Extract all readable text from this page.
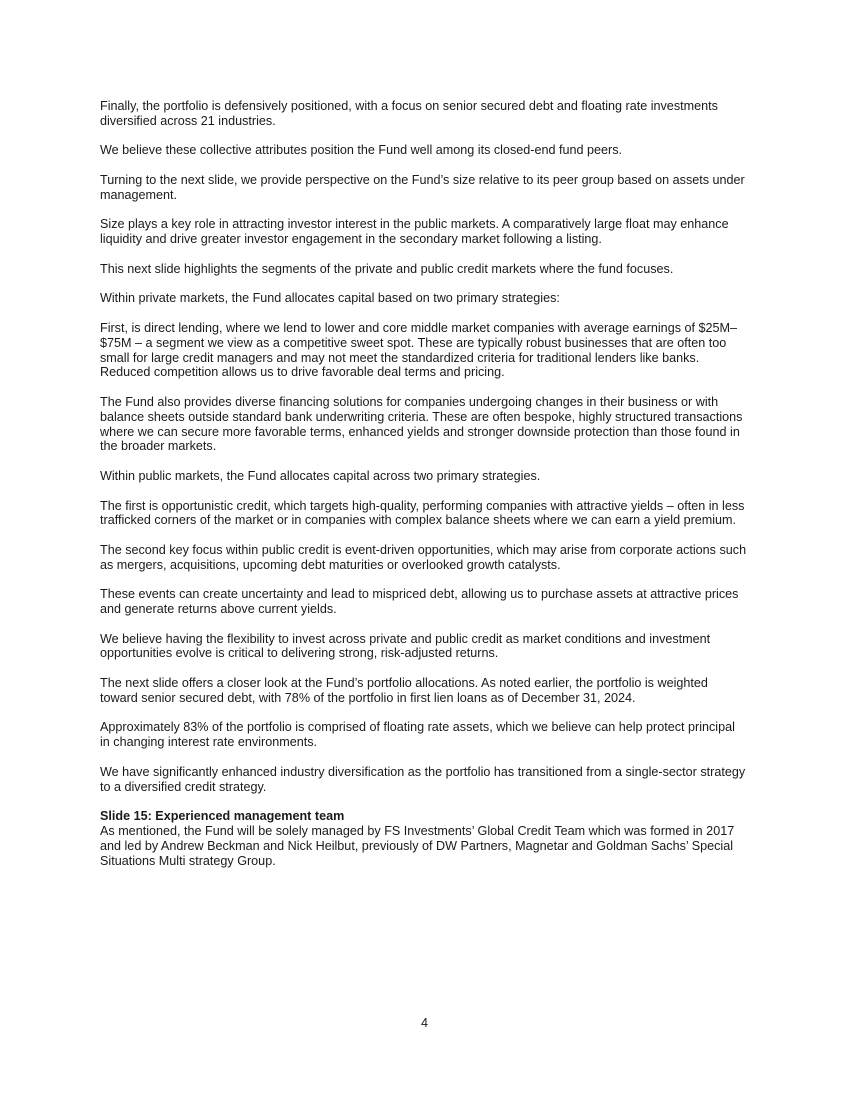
Finally, the portfolio is defensively positioned, with a focus on senior secured debt and floating rate investments diversified across 21 industries.

We believe these collective attributes position the Fund well among its closed-end fund peers.

Turning to the next slide, we provide perspective on the Fund’s size relative to its peer group based on assets under management.

Size plays a key role in attracting investor interest in the public markets. A comparatively large float may enhance liquidity and drive greater investor engagement in the secondary market following a listing.

This next slide highlights the segments of the private and public credit markets where the fund focuses.

Within private markets, the Fund allocates capital based on two primary strategies:

First, is direct lending, where we lend to lower and core middle market companies with average earnings of $25M–$75M – a segment we view as a competitive sweet spot. These are typically robust businesses that are often too small for large credit managers and may not meet the standardized criteria for traditional lenders like banks. Reduced competition allows us to drive favorable deal terms and pricing.

The Fund also provides diverse financing solutions for companies undergoing changes in their business or with balance sheets outside standard bank underwriting criteria. These are often bespoke, highly structured transactions where we can secure more favorable terms, enhanced yields and stronger downside protection than those found in the broader markets.

Within public markets, the Fund allocates capital across two primary strategies.

The first is opportunistic credit, which targets high-quality, performing companies with attractive yields – often in less trafficked corners of the market or in companies with complex balance sheets where we can earn a yield premium.

The second key focus within public credit is event-driven opportunities, which may arise from corporate actions such as mergers, acquisitions, upcoming debt maturities or overlooked growth catalysts.

These events can create uncertainty and lead to mispriced debt, allowing us to purchase assets at attractive prices and generate returns above current yields.

We believe having the flexibility to invest across private and public credit as market conditions and investment opportunities evolve is critical to delivering strong, risk-adjusted returns.

The next slide offers a closer look at the Fund’s portfolio allocations. As noted earlier, the portfolio is weighted toward senior secured debt, with 78% of the portfolio in first lien loans as of December 31, 2024.

Approximately 83% of the portfolio is comprised of floating rate assets, which we believe can help protect principal in changing interest rate environments.

We have significantly enhanced industry diversification as the portfolio has transitioned from a single-sector strategy to a diversified credit strategy.

Slide 15: Experienced management team

As mentioned, the Fund will be solely managed by FS Investments’ Global Credit Team which was formed in 2017 and led by Andrew Beckman and Nick Heilbut, previously of DW Partners, Magnetar and Goldman Sachs’ Special Situations Multi strategy Group.

4
